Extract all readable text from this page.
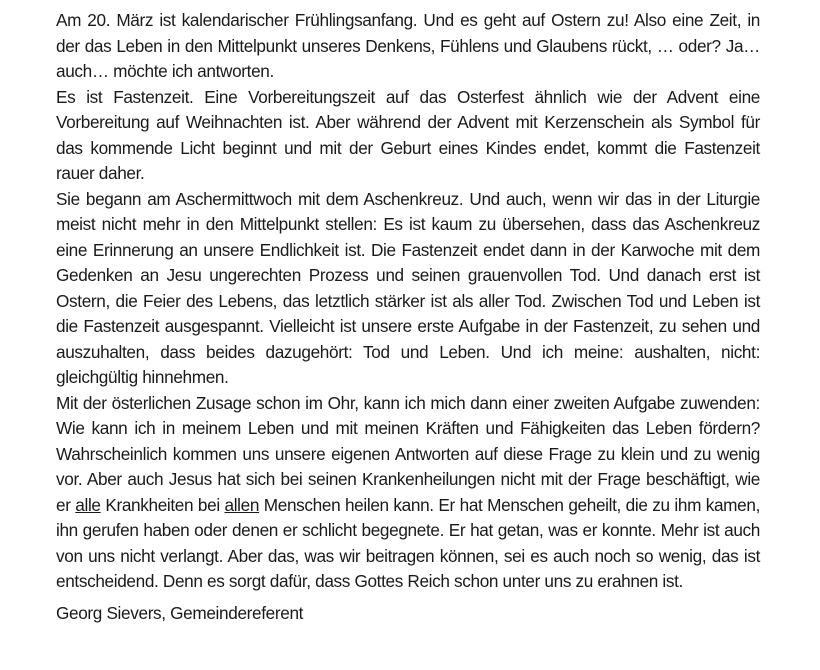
Am 20. März ist kalendarischer Frühlingsanfang. Und es geht auf Ostern zu! Also eine Zeit, in der das Leben in den Mittelpunkt unseres Denkens, Fühlens und Glaubens rückt, … oder? Ja… auch… möchte ich antworten.

Es ist Fastenzeit. Eine Vorbereitungszeit auf das Osterfest ähnlich wie der Advent eine Vorbereitung auf Weihnachten ist. Aber während der Advent mit Kerzenschein als Symbol für das kommende Licht beginnt und mit der Geburt eines Kindes endet, kommt die Fastenzeit rauer daher.

Sie begann am Aschermittwoch mit dem Aschenkreuz. Und auch, wenn wir das in der Liturgie meist nicht mehr in den Mittelpunkt stellen: Es ist kaum zu übersehen, dass das Aschenkreuz eine Erinnerung an unsere Endlichkeit ist. Die Fastenzeit endet dann in der Karwoche mit dem Gedenken an Jesu ungerechten Prozess und seinen grauenvollen Tod. Und danach erst ist Ostern, die Feier des Lebens, das letztlich stärker ist als aller Tod. Zwischen Tod und Leben ist die Fastenzeit ausgespannt. Vielleicht ist unsere erste Aufgabe in der Fastenzeit, zu sehen und auszuhalten, dass beides dazugehört: Tod und Leben. Und ich meine: aushalten, nicht: gleichgültig hinnehmen.

Mit der österlichen Zusage schon im Ohr, kann ich mich dann einer zweiten Aufgabe zuwenden: Wie kann ich in meinem Leben und mit meinen Kräften und Fähigkeiten das Leben fördern? Wahrscheinlich kommen uns unsere eigenen Antworten auf diese Frage zu klein und zu wenig vor. Aber auch Jesus hat sich bei seinen Krankenheilungen nicht mit der Frage beschäftigt, wie er alle Krankheiten bei allen Menschen heilen kann. Er hat Menschen geheilt, die zu ihm kamen, ihn gerufen haben oder denen er schlicht begegnete. Er hat getan, was er konnte. Mehr ist auch von uns nicht verlangt. Aber das, was wir beitragen können, sei es auch noch so wenig, das ist entscheidend. Denn es sorgt dafür, dass Gottes Reich schon unter uns zu erahnen ist.

Georg Sievers, Gemeindereferent
